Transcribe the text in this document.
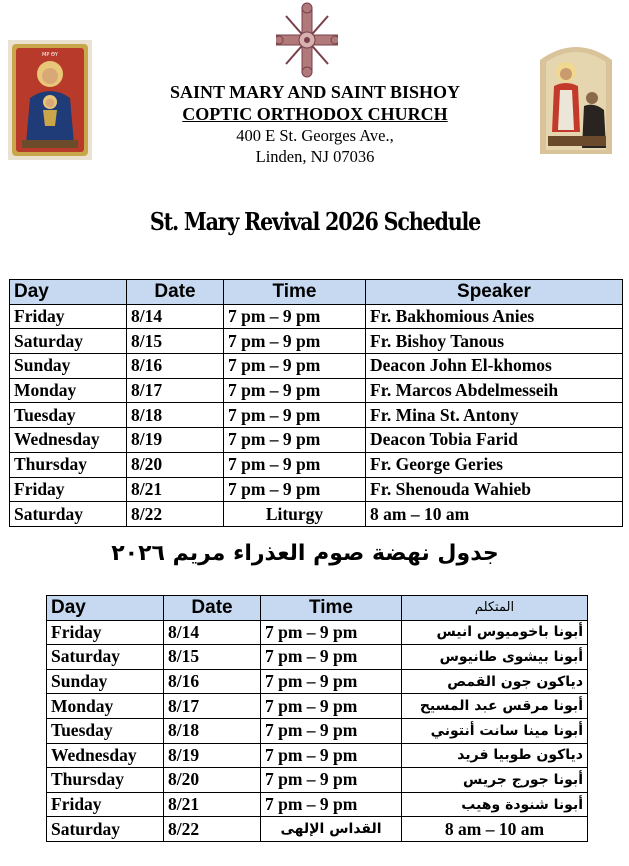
ΜΡ ΘΥ
SAINT MARY AND SAINT BISHOY
COPTIC ORTHODOX CHURCH
400 E St. Georges Ave.,
Linden, NJ 07036
St. Mary Revival 2026 Schedule
Day	Date	Time	Speaker
Friday	8/14	7 pm – 9 pm	Fr. Bakhomious Anies
Saturday	8/15	7 pm – 9 pm	Fr. Bishoy Tanous
Sunday	8/16	7 pm – 9 pm	Deacon John El-khomos
Monday	8/17	7 pm – 9 pm	Fr. Marcos Abdelmesseih
Tuesday	8/18	7 pm – 9 pm	Fr. Mina St. Antony
Wednesday	8/19	7 pm – 9 pm	Deacon Tobia Farid
Thursday	8/20	7 pm – 9 pm	Fr. George Geries
Friday	8/21	7 pm – 9 pm	Fr. Shenouda Wahieb
Saturday	8/22	Liturgy	8 am – 10 am
جدول نهضة صوم العذراء مريم ٢٠٢٦
Day	Date	Time	المتكلم
Friday	8/14	7 pm – 9 pm	أبونا باخوميوس انيس
Saturday	8/15	7 pm – 9 pm	أبونا بيشوى طانيوس
Sunday	8/16	7 pm – 9 pm	دياكون جون القمص
Monday	8/17	7 pm – 9 pm	أبونا مرقس عبد المسيح
Tuesday	8/18	7 pm – 9 pm	أبونا مينا سانت أنتوني
Wednesday	8/19	7 pm – 9 pm	دياكون طوبيا فريد
Thursday	8/20	7 pm – 9 pm	أبونا جورج جريس
Friday	8/21	7 pm – 9 pm	أبونا شنودة وهيب
Saturday	8/22	القداس الإلهى	8 am – 10 am
